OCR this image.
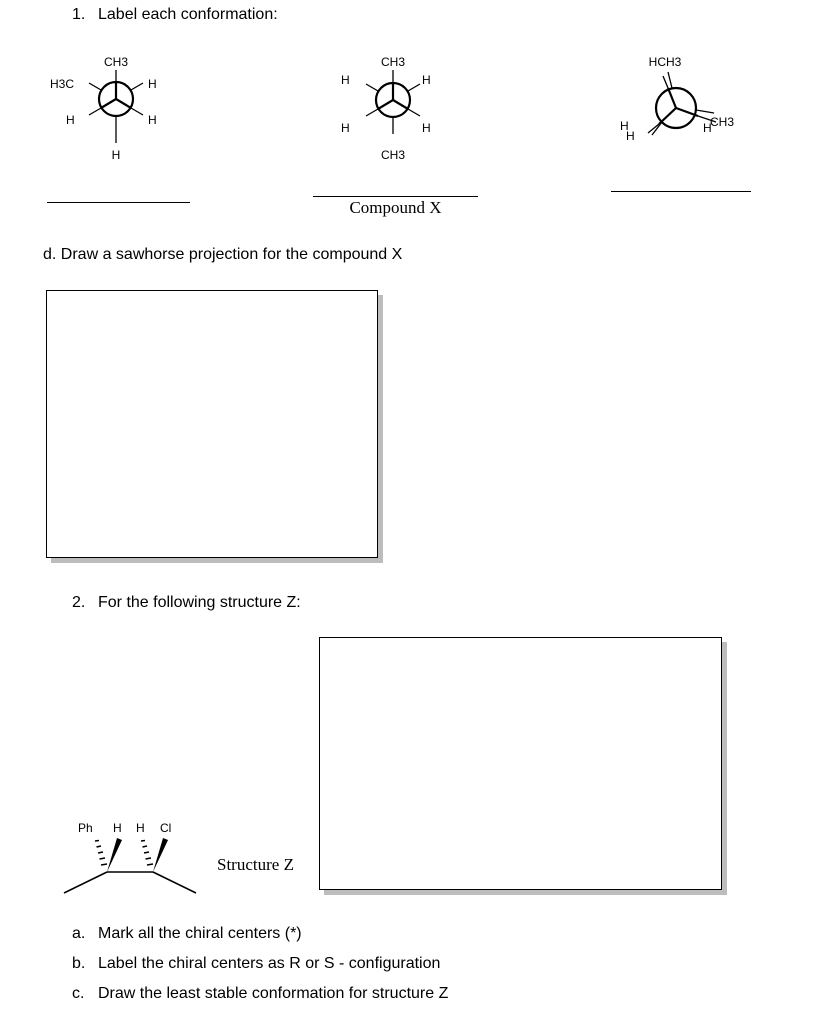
1. Label each conformation:
CH3
H
H
H3C	H
H
CH3
H
H
H
H
CH3
Compound X
HCH3
CH3
H
H
H
d. Draw a sawhorse projection for the compound X
2. For the following structure Z:
Ph H H Cl
Structure Z
a. Mark all the chiral centers (*)
b. Label the chiral centers as R or S - configuration
c. Draw the least stable conformation for structure Z
